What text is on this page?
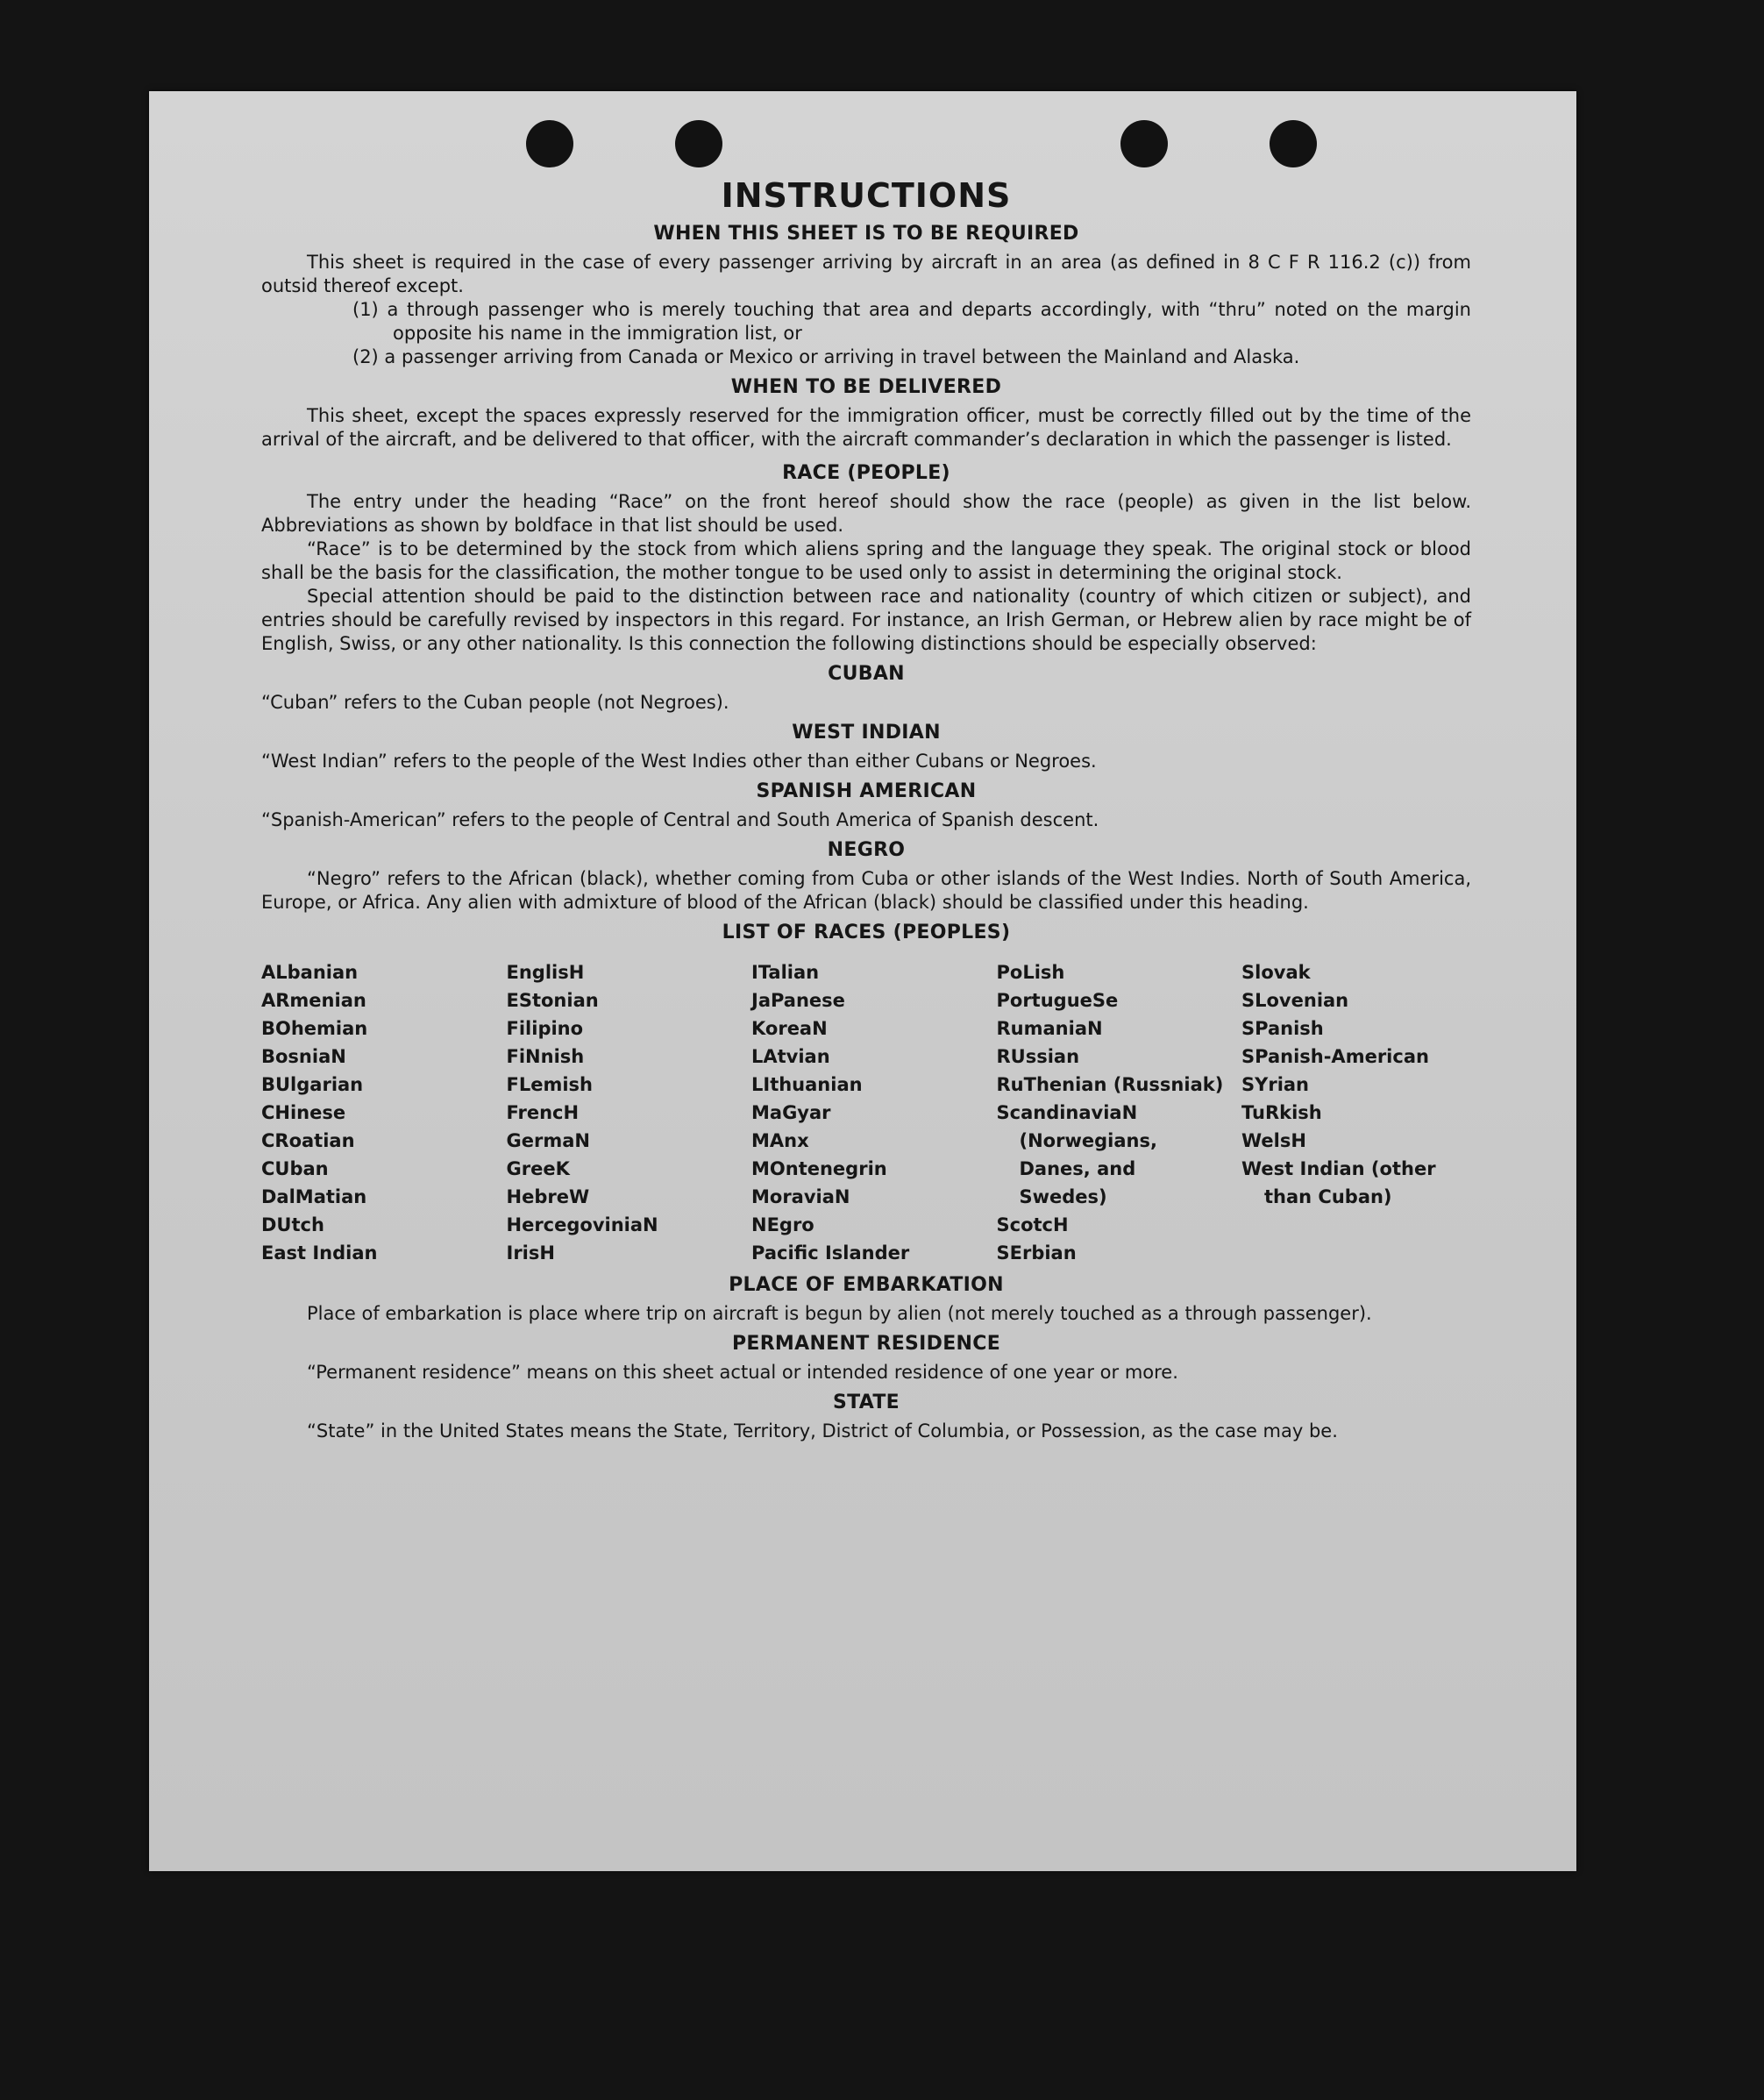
INSTRUCTIONS
WHEN THIS SHEET IS TO BE REQUIRED

This sheet is required in the case of every passenger arriving by aircraft in an area (as defined in 8 C F R 116.2 (c)) from outsid thereof except.

(1) a through passenger who is merely touching that area and departs accordingly, with “thru” noted on the margin opposite his name in the immigration list, or
(2) a passenger arriving from Canada or Mexico or arriving in travel between the Mainland and Alaska.
WHEN TO BE DELIVERED

This sheet, except the spaces expressly reserved for the immigration officer, must be correctly filled out by the time of the arrival of the aircraft, and be delivered to that officer, with the aircraft commander’s declaration in which the passenger is listed.

RACE (PEOPLE)

The entry under the heading “Race” on the front hereof should show the race (people) as given in the list below. Abbreviations as shown by boldface in that list should be used.

“Race” is to be determined by the stock from which aliens spring and the language they speak. The original stock or blood shall be the basis for the classification, the mother tongue to be used only to assist in determining the original stock.

Special attention should be paid to the distinction between race and nationality (country of which citizen or subject), and entries should be carefully revised by inspectors in this regard. For instance, an Irish German, or Hebrew alien by race might be of English, Swiss, or any other nationality. Is this connection the following distinctions should be especially observed:

CUBAN

“Cuban” refers to the Cuban people (not Negroes).

WEST INDIAN

“West Indian” refers to the people of the West Indies other than either Cubans or Negroes.

SPANISH AMERICAN

“Spanish-American” refers to the people of Central and South America of Spanish descent.

NEGRO

“Negro” refers to the African (black), whether coming from Cuba or other islands of the West Indies. North of South America, Europe, or Africa. Any alien with admixture of blood of the African (black) should be classified under this heading.

LIST OF RACES (PEOPLES)
ALbanian
ARmenian
BOhemian
BosniaN
BUlgarian
CHinese
CRoatian
CUban
DalMatian
DUtch
East Indian
EnglisH
EStonian
Filipino
FiNnish
FLemish
FrencH
GermaN
GreeK
HebreW
HercegoviniaN
IrisH
ITalian
JaPanese
KoreaN
LAtvian
LIthuanian
MaGyar
MAnx
MOntenegrin
MoraviaN
NEgro
Pacific Islander
PoLish
PortugueSe
RumaniaN
RUssian
RuThenian (Russniak)
ScandinaviaN (Norwegians, Danes, and Swedes)
ScotcH
SErbian
Slovak
SLovenian
SPanish
SPanish-American
SYrian
TuRkish
WelsH
West Indian (other than Cuban)
PLACE OF EMBARKATION

Place of embarkation is place where trip on aircraft is begun by alien (not merely touched as a through passenger).

PERMANENT RESIDENCE

“Permanent residence” means on this sheet actual or intended residence of one year or more.

STATE

“State” in the United States means the State, Territory, District of Columbia, or Possession, as the case may be.
